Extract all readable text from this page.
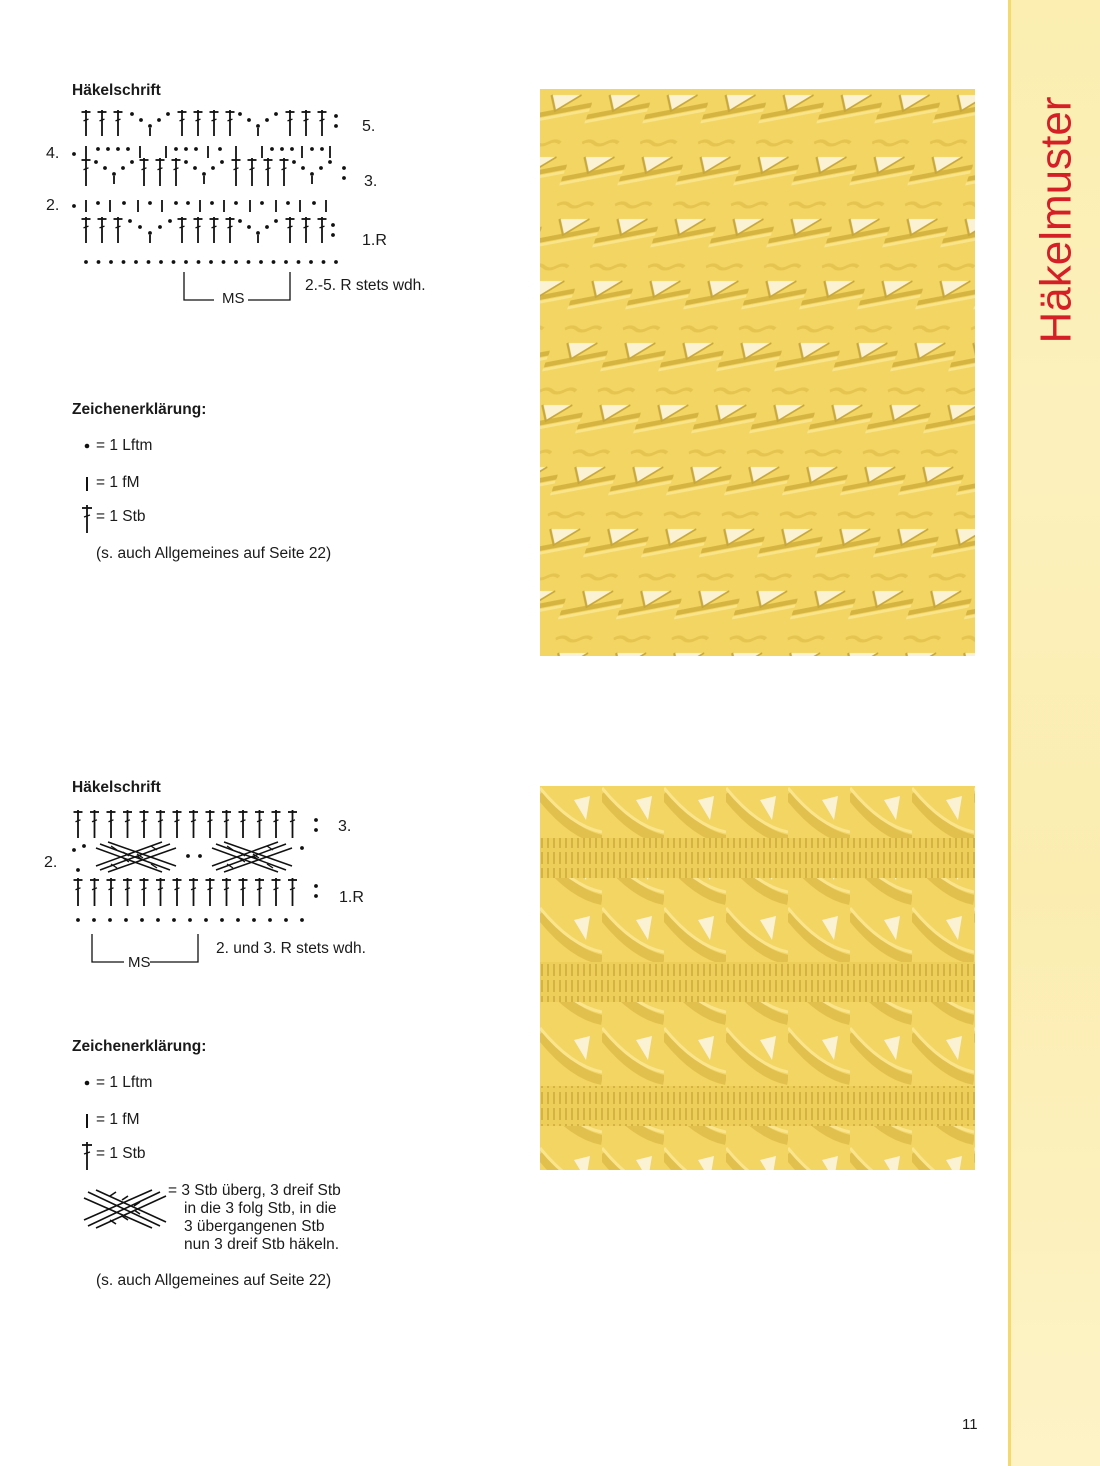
Häkelschrift
5.
4.
3.
2.
1.R
MS
2.-5. R stets wdh.
Zeichenerklärung:
= 1 Lftm
= 1 fM
= 1 Stb
(s. auch Allgemeines auf Seite 22)
Häkelschrift
3.
2.
1.R
MS
2. und 3. R stets wdh.
Zeichenerklärung:
= 1 Lftm
= 1 fM
= 1 Stb
= 3 Stb überg, 3 dreif Stb
in die 3 folg Stb, in die
3 übergangenen Stb
nun 3 dreif Stb häkeln.
(s. auch Allgemeines auf Seite 22)
Häkelmuster
11
